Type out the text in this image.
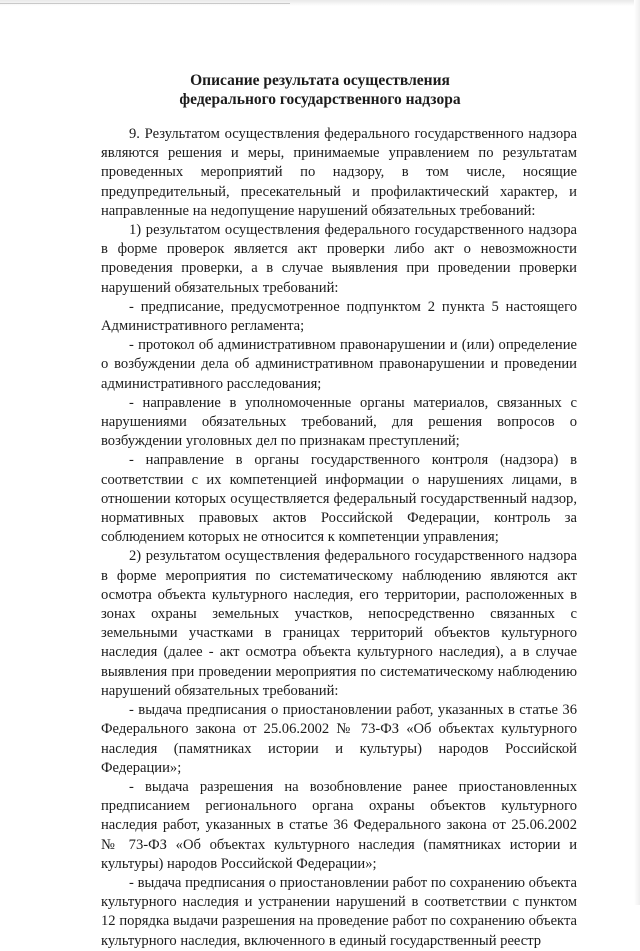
Описание результата осуществления
федерального государственного надзора

9. Результатом осуществления федерального государственного надзора являются решения и меры, принимаемые управлением по результатам проведенных мероприятий по надзору, в том числе, носящие предупредительный, пресекательный и профилактический характер, и направленные на недопущение нарушений обязательных требований:

1) результатом осуществления федерального государственного надзора в форме проверок является акт проверки либо акт о невозможности проведения проверки, а в случае выявления при проведении проверки нарушений обязательных требований:

- предписание, предусмотренное подпунктом 2 пункта 5 настоящего Административного регламента;

- протокол об административном правонарушении и (или) определение о возбуждении дела об административном правонарушении и проведении административного расследования;

- направление в уполномоченные органы материалов, связанных с нарушениями обязательных требований, для решения вопросов о возбуждении уголовных дел по признакам преступлений;

- направление в органы государственного контроля (надзора) в соответствии с их компетенцией информации о нарушениях лицами, в отношении которых осуществляется федеральный государственный надзор, нормативных правовых актов Российской Федерации, контроль за соблюдением которых не относится к компетенции управления;

2) результатом осуществления федерального государственного надзора в форме мероприятия по систематическому наблюдению являются акт осмотра объекта культурного наследия, его территории, расположенных в зонах охраны земельных участков, непосредственно связанных с земельными участками в границах территорий объектов культурного наследия (далее - акт осмотра объекта культурного наследия), а в случае выявления при проведении мероприятия по систематическому наблюдению нарушений обязательных требований:

- выдача предписания о приостановлении работ, указанных в статье 36 Федерального закона от 25.06.2002 № 73-ФЗ «Об объектах культурного наследия (памятниках истории и культуры) народов Российской Федерации»;

- выдача разрешения на возобновление ранее приостановленных предписанием регионального органа охраны объектов культурного наследия работ, указанных в статье 36 Федерального закона от 25.06.2002 № 73-ФЗ «Об объектах культурного наследия (памятниках истории и культуры) народов Российской Федерации»;

- выдача предписания о приостановлении работ по сохранению объекта культурного наследия и устранении нарушений в соответствии с пунктом 12 порядка выдачи разрешения на проведение работ по сохранению объекта культурного наследия, включенного в единый государственный реестр
